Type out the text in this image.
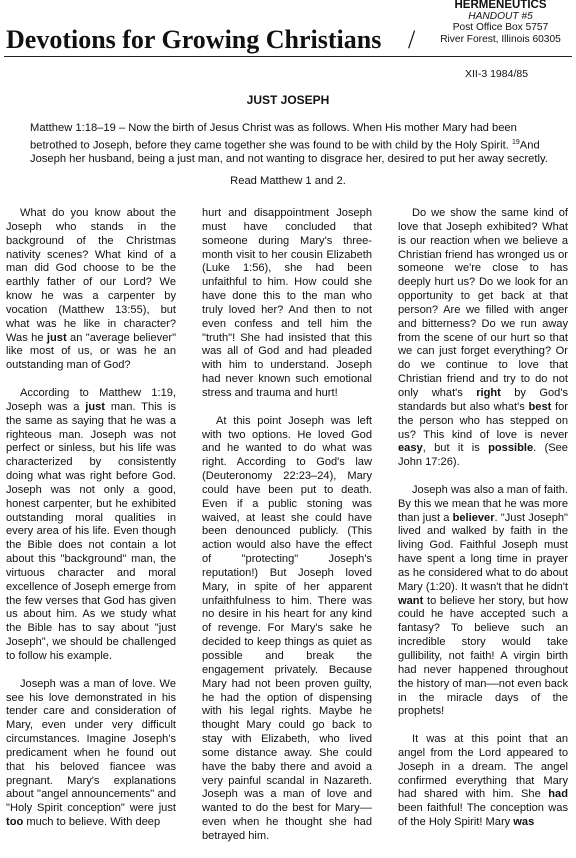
HERMENEUTICS
HANDOUT #5
Post Office Box 5757
River Forest, Illinois 60305
Devotions for Growing Christians /
XII-3 1984/85
JUST JOSEPH
Matthew 1:18–19 – Now the birth of Jesus Christ was as follows. When His mother Mary had been betrothed to Joseph, before they came together she was found to be with child by the Holy Spirit. $^{19}$And Joseph her husband, being a just man, and not wanting to disgrace her, desired to put her away secretly.
Read Matthew 1 and 2.

What do you know about the Joseph who stands in the background of the Christmas nativity scenes? What kind of a man did God choose to be the earthly father of our Lord? We know he was a carpenter by vocation (Matthew 13:55), but what was he like in character? Was he just an "average believer" like most of us, or was he an outstanding man of God?

According to Matthew 1:19, Joseph was a just man. This is the same as saying that he was a righteous man. Joseph was not perfect or sinless, but his life was characterized by consistently doing what was right before God. Joseph was not only a good, honest carpenter, but he exhibited outstanding moral qualities in every area of his life. Even though the Bible does not contain a lot about this "background" man, the virtuous character and moral excellence of Joseph emerge from the few verses that God has given us about him. As we study what the Bible has to say about "just Joseph", we should be challenged to follow his example.

Joseph was a man of love. We see his love demonstrated in his tender care and consideration of Mary, even under very difficult circumstances. Imagine Joseph's predicament when he found out that his beloved fiancee was pregnant. Mary's explanations about "angel announcements" and "Holy Spirit conception" were just too much to believe. With deep

hurt and disappointment Joseph must have concluded that someone during Mary's three-month visit to her cousin Elizabeth (Luke 1:56), she had been unfaithful to him. How could she have done this to the man who truly loved her? And then to not even confess and tell him the "truth"! She had insisted that this was all of God and had pleaded with him to understand. Joseph had never known such emotional stress and trauma and hurt!

At this point Joseph was left with two options. He loved God and he wanted to do what was right. According to God's law (Deuteronomy 22:23–24), Mary could have been put to death. Even if a public stoning was waived, at least she could have been denounced publicly. (This action would also have the effect of "protecting" Joseph's reputation!) But Joseph loved Mary, in spite of her apparent unfaithfulness to him. There was no desire in his heart for any kind of revenge. For Mary's sake he decided to keep things as quiet as possible and break the engagement privately. Because Mary had not been proven guilty, he had the option of dispensing with his legal rights. Maybe he thought Mary could go back to stay with Elizabeth, who lived some distance away. She could have the baby there and avoid a very painful scandal in Nazareth. Joseph was a man of love and wanted to do the best for Mary––even when he thought she had betrayed him.

Do we show the same kind of love that Joseph exhibited? What is our reaction when we believe a Christian friend has wronged us or someone we're close to has deeply hurt us? Do we look for an opportunity to get back at that person? Are we filled with anger and bitterness? Do we run away from the scene of our hurt so that we can just forget everything? Or do we continue to love that Christian friend and try to do not only what's right by God's standards but also what's best for the person who has stepped on us? This kind of love is never easy, but it is possible. (See John 17:26).

Joseph was also a man of faith. By this we mean that he was more than just a believer. "Just Joseph" lived and walked by faith in the living God. Faithful Joseph must have spent a long time in prayer as he considered what to do about Mary (1:20). It wasn't that he didn't want to believe her story, but how could he have accepted such a fantasy? To believe such an incredible story would take gullibility, not faith! A virgin birth had never happened throughout the history of man––not even back in the miracle days of the prophets!

It was at this point that an angel from the Lord appeared to Joseph in a dream. The angel confirmed everything that Mary had shared with him. She had been faithful! The conception was of the Holy Spirit! Mary was
